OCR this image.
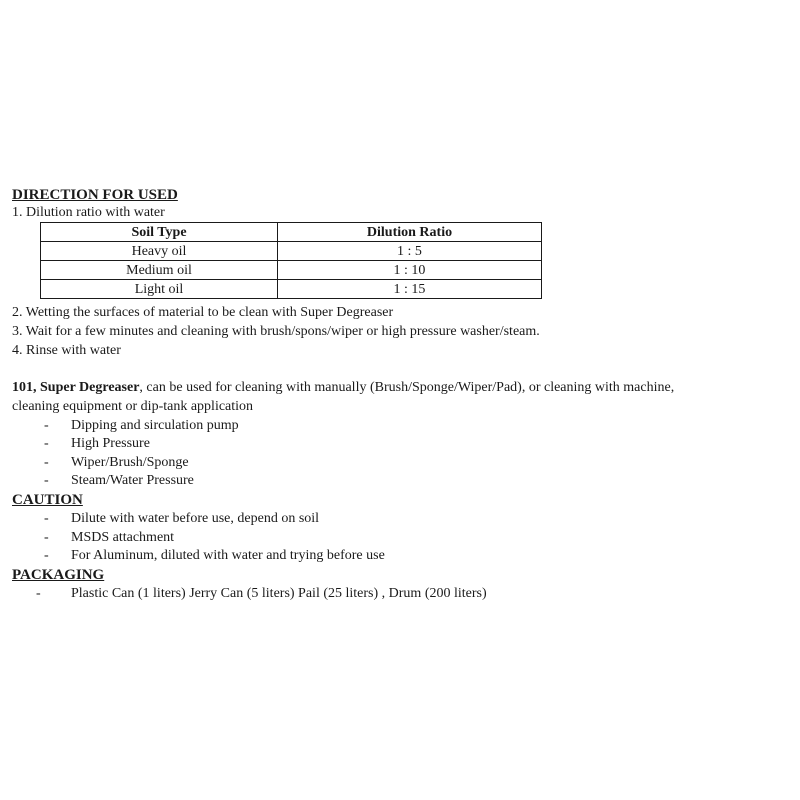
DIRECTION FOR USED
1. Dilution ratio with water
Soil Type	Dilution Ratio
Heavy oil	1 : 5
Medium oil	1 : 10
Light oil	1 : 15
2. Wetting the surfaces of material to be clean with Super Degreaser
3. Wait for a few minutes and cleaning with brush/spons/wiper or high pressure washer/steam.
4. Rinse with water
101, Super Degreaser, can be used for cleaning with manually (Brush/Sponge/Wiper/Pad), or cleaning with machine,
cleaning equipment or dip-tank application
- Dipping and sirculation pump
- High Pressure
- Wiper/Brush/Sponge
- Steam/Water Pressure
CAUTION
- Dilute with water before use, depend on soil
- MSDS attachment
- For Aluminum, diluted with water and trying before use
PACKAGING
- Plastic Can (1 liters) Jerry Can (5 liters) Pail (25 liters) , Drum (200 liters)
